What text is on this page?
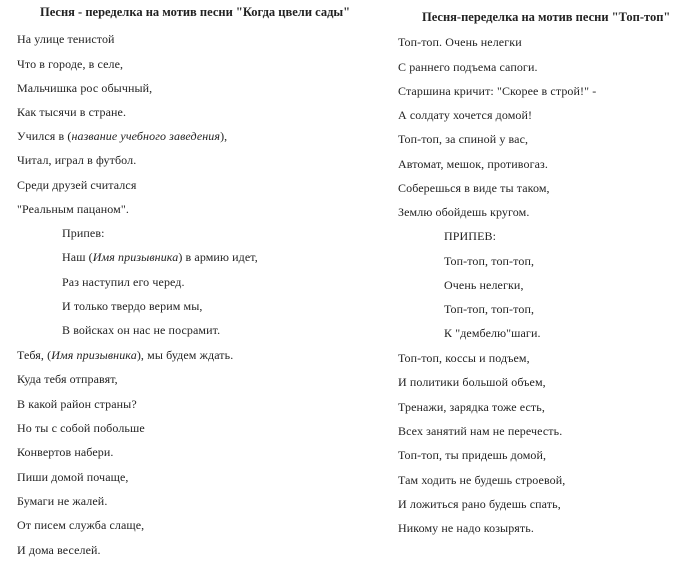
Песня - переделка на мотив песни "Когда цвели сады"
На улице тенистой
Что в городе, в селе,
Мальчишка рос обычный,
Как тысячи в стране.
Учился в (название учебного заведения),
Читал, играл в футбол.
Среди друзей считался
"Реальным пацаном".
Припев:
Наш (Имя призывника) в армию идет,
Раз наступил его черед.
И только твердо верим мы,
В войсках он нас не посрамит.
Тебя, (Имя призывника), мы будем ждать.
Куда тебя отправят,
В какой район страны?
Но ты с собой побольше
Конвертов набери.
Пиши домой почаще,
Бумаги не жалей.
От писем служба слаще,
И дома веселей.
Песня-переделка на мотив песни "Топ-топ"
Топ-топ. Очень нелегки
С раннего подъема сапоги.
Старшина кричит: "Скорее в строй!" -
А солдату хочется домой!
Топ-топ, за спиной у вас,
Автомат, мешок, противогаз.
Соберешься в виде ты таком,
Землю обойдешь кругом.
ПРИПЕВ:
Топ-топ, топ-топ,
Очень нелегки,
Топ-топ, топ-топ,
К "дембелю"шаги.
Топ-топ, коссы и подъем,
И политики большой объем,
Тренажи, зарядка тоже есть,
Всех занятий нам не перечесть.
Топ-топ, ты придешь домой,
Там ходить не будешь строевой,
И ложиться рано будешь спать,
Никому не надо козырять.
